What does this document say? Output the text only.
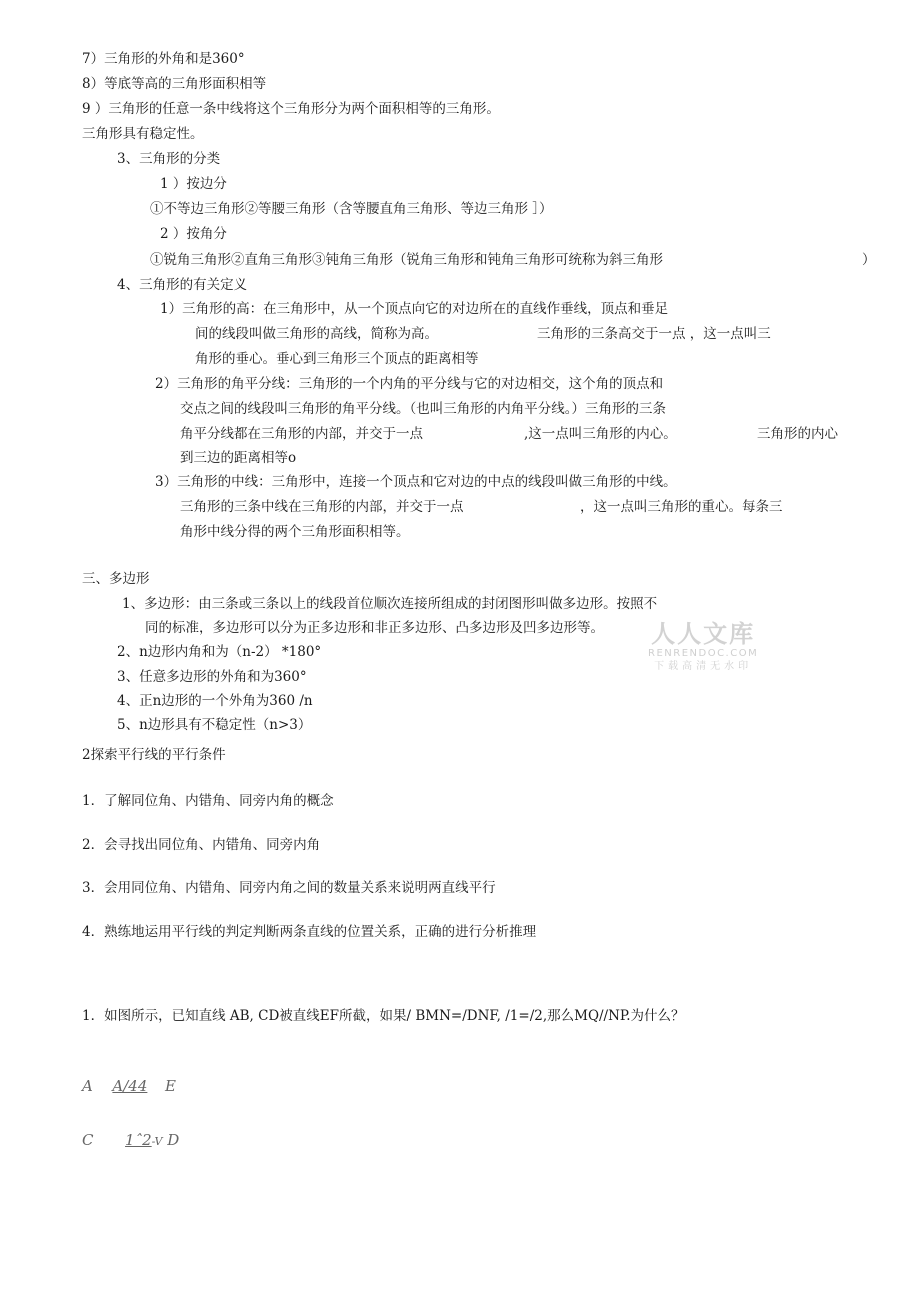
7）三角形的外角和是360°
8）等底等高的三角形面积相等
9 ）三角形的任意一条中线将这个三角形分为两个面积相等的三角形。
三角形具有稳定性。
3、三角形的分类
1 ）按边分
①不等边三角形②等腰三角形（含等腰直角三角形、等边三角形 ］）
2 ）按角分
①锐角三角形②直角三角形③钝角三角形（锐角三角形和钝角三角形可统称为斜三角形	）
4、三角形的有关定义
1）三角形的高：在三角形中，从一个顶点向它的对边所在的直线作垂线，顶点和垂足
间的线段叫做三角形的高线，简称为高。	三角形的三条高交于一点 ，这一点叫三
角形的垂心。垂心到三角形三个顶点的距离相等
2）三角形的角平分线：三角形的一个内角的平分线与它的对边相交，这个角的顶点和
交点之间的线段叫三角形的角平分线。（也叫三角形的内角平分线。）三角形的三条
角平分线都在三角形的内部，并交于一点	,这一点叫三角形的内心。	三角形的内心
到三边的距离相等o
3）三角形的中线：三角形中，连接一个顶点和它对边的中点的线段叫做三角形的中线。
三角形的三条中线在三角形的内部，并交于一点	，这一点叫三角形的重心。每条三
角形中线分得的两个三角形面积相等。
三、多边形
1、多边形：由三条或三条以上的线段首位顺次连接所组成的封闭图形叫做多边形。按照不
同的标准，多边形可以分为正多边形和非正多边形、凸多边形及凹多边形等。
2、n边形内角和为（n-2） *180°
3、任意多边形的外角和为360°
4、正n边形的一个外角为360 /n
5、n边形具有不稳定性（n>3）
2探索平行线的平行条件
1．了解同位角、内错角、同旁内角的概念
2．会寻找出同位角、内错角、同旁内角
3．会用同位角、内错角、同旁内角之间的数量关系来说明两直线平行
4．熟练地运用平行线的判定判断两条直线的位置关系，正确的进行分析推理
1．如图所示，已知直线 AB, CD被直线EF所截，如果/ BMN=/DNF, /1=/2,那么MQ//NP.为什么？
A A/44 E
C 1ˆ2-V D
人人文库
RENRENDOC.COM
下载高清无水印
